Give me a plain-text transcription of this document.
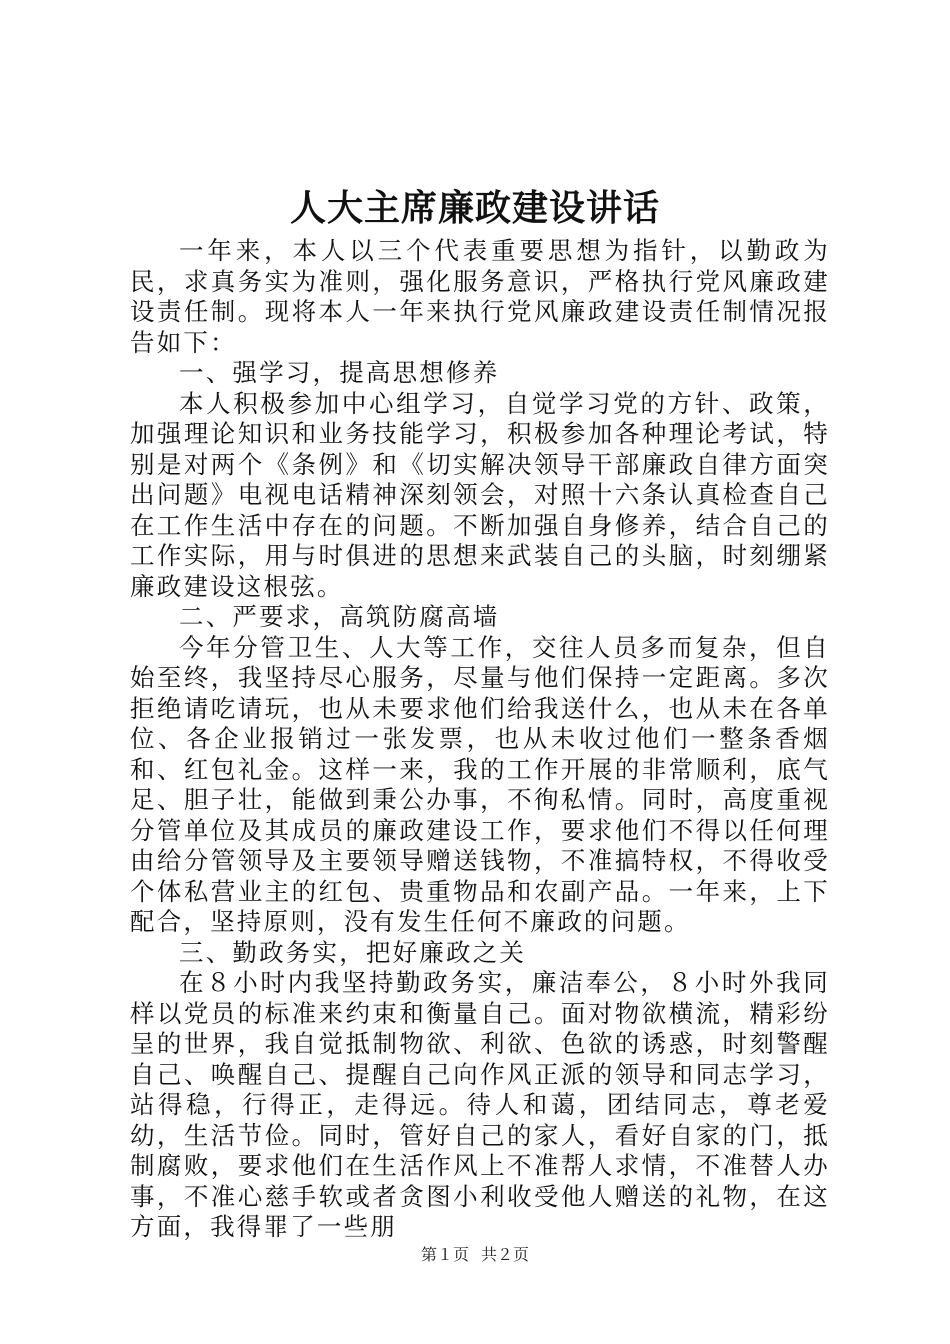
人大主席廉政建设讲话

一年来，本人以三个代表重要思想为指针，以勤政为民，求真务实为准则，强化服务意识，严格执行党风廉政建设责任制。现将本人一年来执行党风廉政建设责任制情况报告如下：

一、强学习，提高思想修养

本人积极参加中心组学习，自觉学习党的方针、政策，加强理论知识和业务技能学习，积极参加各种理论考试，特别是对两个《条例》和《切实解决领导干部廉政自律方面突出问题》电视电话精神深刻领会，对照十六条认真检查自己在工作生活中存在的问题。不断加强自身修养，结合自己的工作实际，用与时俱进的思想来武装自己的头脑，时刻绷紧廉政建设这根弦。

二、严要求，高筑防腐高墙

今年分管卫生、人大等工作，交往人员多而复杂，但自始至终，我坚持尽心服务，尽量与他们保持一定距离。多次拒绝请吃请玩，也从未要求他们给我送什么，也从未在各单位、各企业报销过一张发票，也从未收过他们一整条香烟和、红包礼金。这样一来，我的工作开展的非常顺利，底气足、胆子壮，能做到秉公办事，不徇私情。同时，高度重视分管单位及其成员的廉政建设工作，要求他们不得以任何理由给分管领导及主要领导赠送钱物，不准搞特权，不得收受个体私营业主的红包、贵重物品和农副产品。一年来，上下配合，坚持原则，没有发生任何不廉政的问题。

三、勤政务实，把好廉政之关

在８小时内我坚持勤政务实，廉洁奉公，８小时外我同样以党员的标准来约束和衡量自己。面对物欲横流，精彩纷呈的世界，我自觉抵制物欲、利欲、色欲的诱惑，时刻警醒自己、唤醒自己、提醒自己向作风正派的领导和同志学习，站得稳，行得正，走得远。待人和蔼，团结同志，尊老爱幼，生活节俭。同时，管好自己的家人，看好自家的门，抵制腐败，要求他们在生活作风上不准帮人求情，不准替人办事，不准心慈手软或者贪图小利收受他人赠送的礼物，在这方面，我得罪了一些朋

第１页 共２页
